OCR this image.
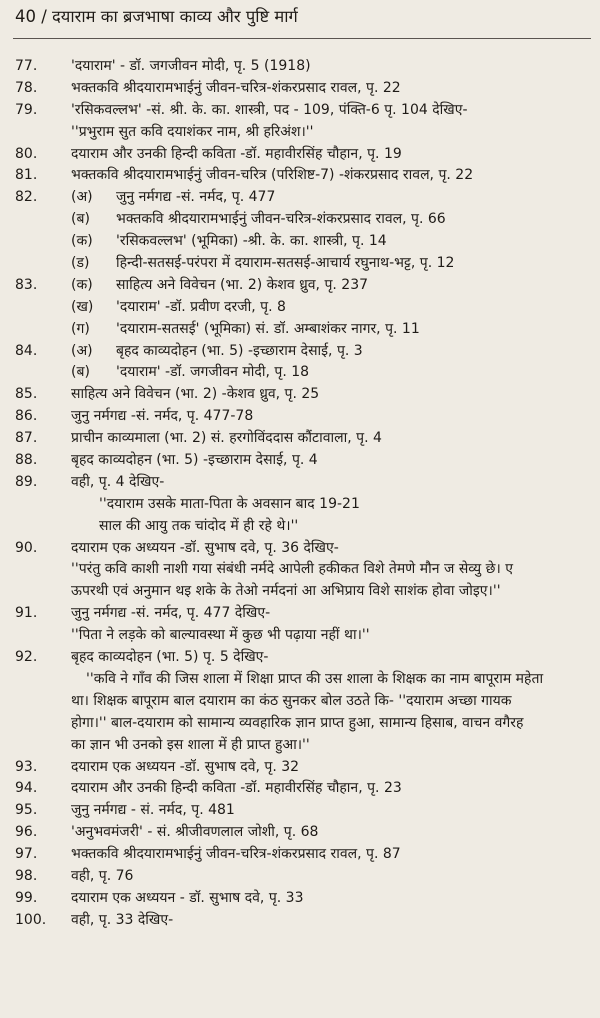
40 / दयाराम का ब्रजभाषा काव्य और पुष्टि मार्ग
77.	'दयाराम' - डॉ. जगजीवन मोदी, पृ. 5 (1918)
78.	भक्तकवि श्रीदयारामभाईनुं जीवन-चरित्र-शंकरप्रसाद रावल, पृ. 22
79.	'रसिकवल्लभ' -सं. श्री. के. का. शास्त्री, पद - 109, पंक्ति-6 पृ. 104 देखिए-
''प्रभुराम सुत कवि दयाशंकर नाम, श्री हरिअंश।''
80.	दयाराम और उनकी हिन्दी कविता -डॉ. महावीरसिंह चौहान, पृ. 19
81.	भक्तकवि श्रीदयारामभाईनुं जीवन-चरित्र (परिशिष्ट-7) -शंकरप्रसाद रावल, पृ. 22
82.	(अ)	जुनु नर्मगद्य -सं. नर्मद, पृ. 477
(ब)	भक्तकवि श्रीदयारामभाईनुं जीवन-चरित्र-शंकरप्रसाद रावल, पृ. 66
(क)	'रसिकवल्लभ' (भूमिका) -श्री. के. का. शास्त्री, पृ. 14
(ड)	हिन्दी-सतसई-परंपरा में दयाराम-सतसई-आचार्य रघुनाथ-भट्ट, पृ. 12
83.	(क)	साहित्य अने विवेचन (भा. 2) केशव ध्रुव, पृ. 237
(ख)	'दयाराम' -डॉ. प्रवीण दरजी, पृ. 8
(ग)	'दयाराम-सतसई' (भूमिका) सं. डॉ. अम्बाशंकर नागर, पृ. 11
84.	(अ)	बृहद काव्यदोहन (भा. 5) -इच्छाराम देसाई, पृ. 3
(ब)	'दयाराम' -डॉ. जगजीवन मोदी, पृ. 18
85.	साहित्य अने विवेचन (भा. 2) -केशव ध्रुव, पृ. 25
86.	जुनु नर्मगद्य -सं. नर्मद, पृ. 477-78
87.	प्राचीन काव्यमाला (भा. 2) सं. हरगोविंददास कौंटावाला, पृ. 4
88.	बृहद काव्यदोहन (भा. 5) -इच्छाराम देसाई, पृ. 4
89.	वही, पृ. 4 देखिए-
''दयाराम उसके माता-पिता के अवसान बाद 19-21
साल की आयु तक चांदोद में ही रहे थे।''
90.	दयाराम एक अध्ययन -डॉ. सुभाष दवे, पृ. 36 देखिए-
''परंतु कवि काशी नाशी गया संबंधी नर्मदे आपेली हकीकत विशे तेमणे मौन ज सेव्यु छे। ए
ऊपरथी एवं अनुमान थइ शके के तेओ नर्मदनां आ अभिप्राय विशे साशंक होवा जोइए।''
91.	जुनु नर्मगद्य -सं. नर्मद, पृ. 477 देखिए-
''पिता ने लड़के को बाल्यावस्था में कुछ भी पढ़ाया नहीं था।''
92.	बृहद काव्यदोहन (भा. 5) पृ. 5 देखिए-
''कवि ने गाँव की जिस शाला में शिक्षा प्राप्त की उस शाला के शिक्षक का नाम बापूराम महेता
था। शिक्षक बापूराम बाल दयाराम का कंठ सुनकर बोल उठते कि- ''दयाराम अच्छा गायक
होगा।'' बाल-दयाराम को सामान्य व्यवहारिक ज्ञान प्राप्त हुआ, सामान्य हिसाब, वाचन वगैरह
का ज्ञान भी उनको इस शाला में ही प्राप्त हुआ।''
93.	दयाराम एक अध्ययन -डॉ. सुभाष दवे, पृ. 32
94.	दयाराम और उनकी हिन्दी कविता -डॉ. महावीरसिंह चौहान, पृ. 23
95.	जुनु नर्मगद्य - सं. नर्मद, पृ. 481
96.	'अनुभवमंजरी' - सं. श्रीजीवणलाल जोशी, पृ. 68
97.	भक्तकवि श्रीदयारामभाईनुं जीवन-चरित्र-शंकरप्रसाद रावल, पृ. 87
98.	वही, पृ. 76
99.	दयाराम एक अध्ययन - डॉ. सुभाष दवे, पृ. 33
100.	वही, पृ. 33 देखिए-
